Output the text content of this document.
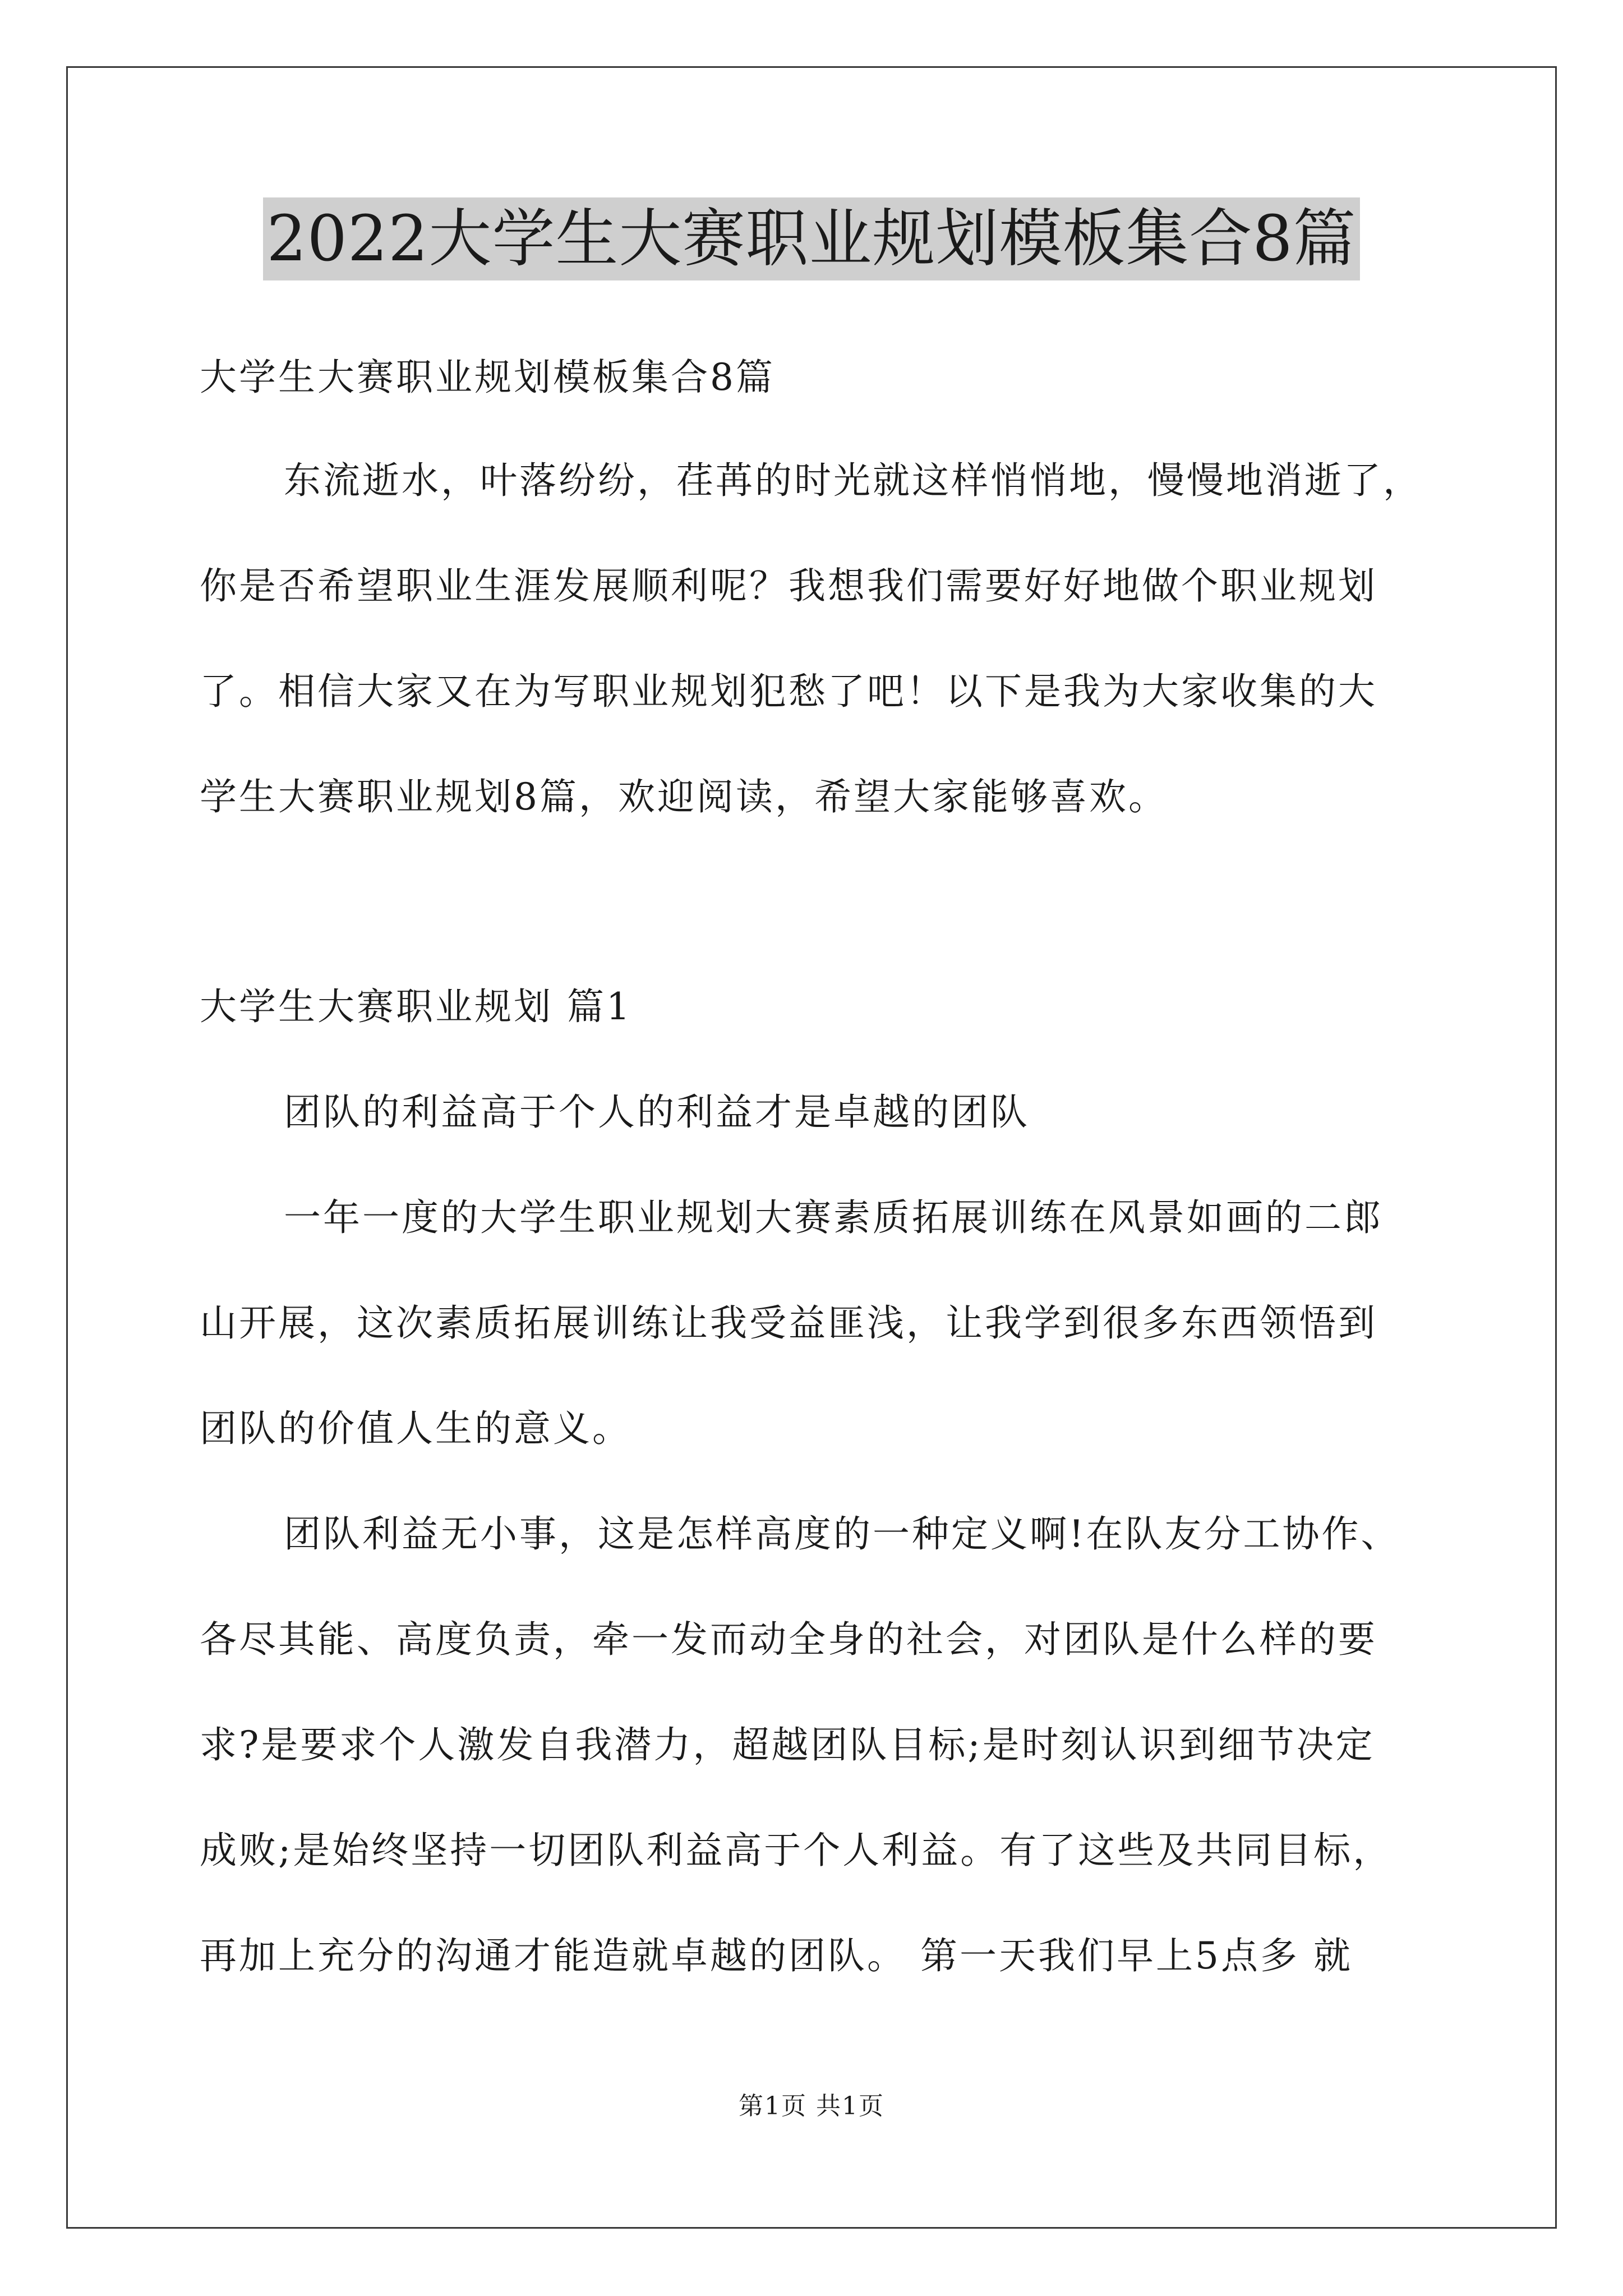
2022大学生大赛职业规划模板集合8篇
大学生大赛职业规划模板集合8篇
东流逝水，叶落纷纷，荏苒的时光就这样悄悄地，慢慢地消逝了，
你是否希望职业生涯发展顺利呢？我想我们需要好好地做个职业规划
了。相信大家又在为写职业规划犯愁了吧！以下是我为大家收集的大
学生大赛职业规划8篇，欢迎阅读，希望大家能够喜欢。
大学生大赛职业规划 篇1
团队的利益高于个人的利益才是卓越的团队
一年一度的大学生职业规划大赛素质拓展训练在风景如画的二郎
山开展，这次素质拓展训练让我受益匪浅，让我学到很多东西领悟到
团队的价值人生的意义。
团队利益无小事，这是怎样高度的一种定义啊!在队友分工协作、
各尽其能、高度负责，牵一发而动全身的社会，对团队是什么样的要
求?是要求个人激发自我潜力，超越团队目标;是时刻认识到细节决定
成败;是始终坚持一切团队利益高于个人利益。有了这些及共同目标，
再加上充分的沟通才能造就卓越的团队。 第一天我们早上5点多 就
第1页 共1页
